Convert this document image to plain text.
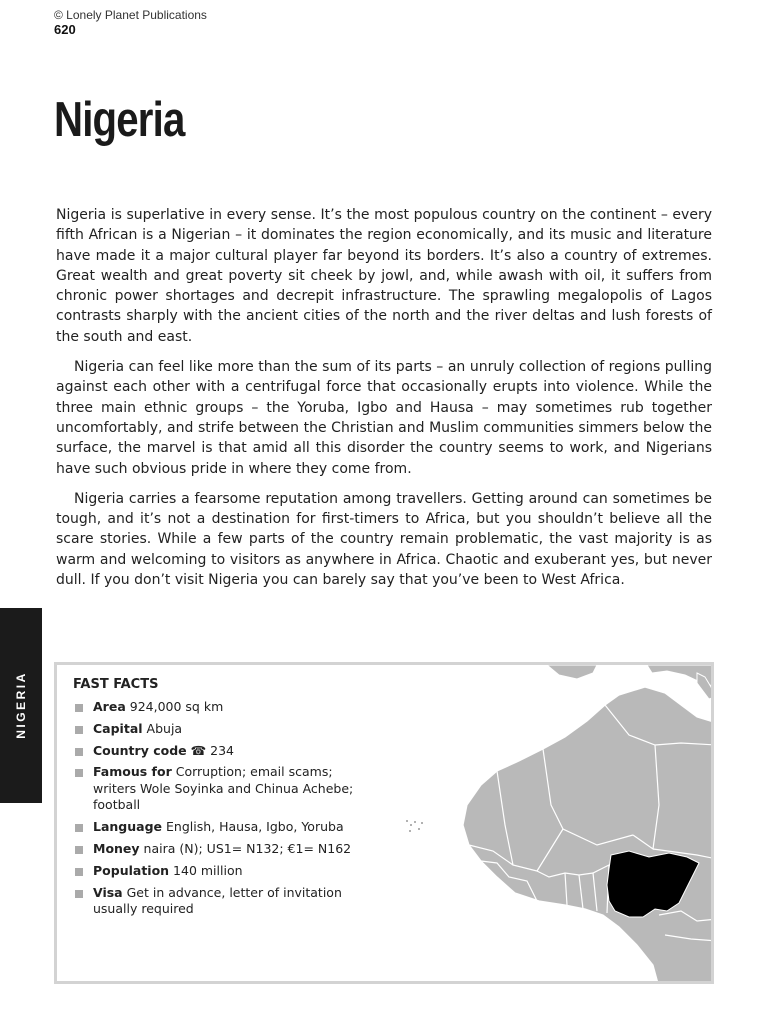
© Lonely Planet Publications
620
Nigeria

Nigeria is superlative in every sense. It’s the most populous country on the continent – every fifth African is a Nigerian – it dominates the region economically, and its music and literature have made it a major cultural player far beyond its borders. It’s also a country of extremes. Great wealth and great poverty sit cheek by jowl, and, while awash with oil, it suffers from chronic power shortages and decrepit infrastructure. The sprawling megalopolis of Lagos contrasts sharply with the ancient cities of the north and the river deltas and lush forests of the south and east.

Nigeria can feel like more than the sum of its parts – an unruly collection of regions pulling against each other with a centrifugal force that occasionally erupts into violence. While the three main ethnic groups – the Yoruba, Igbo and Hausa – may sometimes rub together uncomfortably, and strife between the Christian and Muslim communities simmers below the surface, the marvel is that amid all this disorder the country seems to work, and Nigerians have such obvious pride in where they come from.

Nigeria carries a fearsome reputation among travellers. Getting around can sometimes be tough, and it’s not a destination for first-timers to Africa, but you shouldn’t believe all the scare stories. While a few parts of the country remain problematic, the vast majority is as warm and welcoming to visitors as anywhere in Africa. Chaotic and exuberant yes, but never dull. If you don’t visit Nigeria you can barely say that you’ve been to West Africa.

NIGERIA	FAST FACTS
Area 924,000 sq km
Capital Abuja
Country code ☎ 234
Famous for Corruption; email scams; writers Wole Soyinka and Chinua Achebe; football
Language English, Hausa, Igbo, Yoruba
Money naira (N); US1= N132; €1= N162
Population 140 million
Visa Get in advance, letter of invitation usually required
